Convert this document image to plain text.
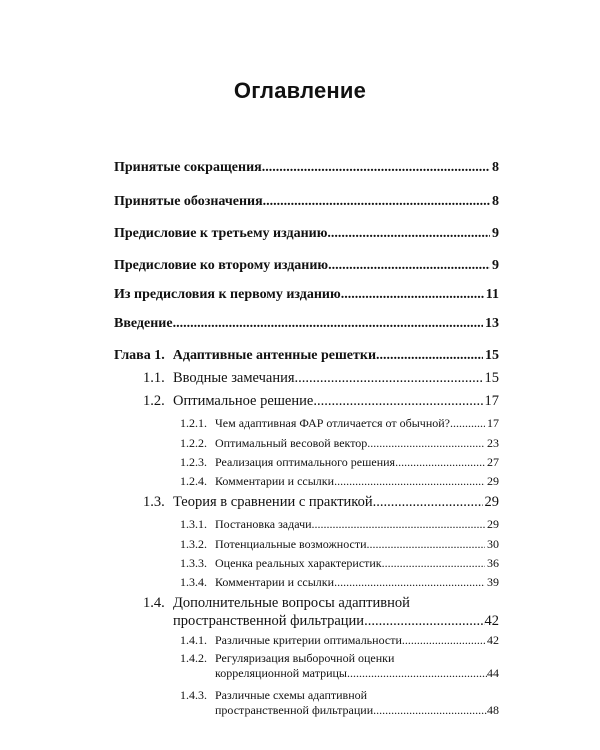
Оглавление
Принятые сокращения .....	8
Принятые обозначения .....	8
Предисловие к третьему изданию .....	9
Предисловие ко второму изданию .....	9
Из предисловия к первому изданию .....	11
Введение .....	13
Глава 1. Адаптивные антенные решетки .....	15
1.1. Вводные замечания .....	15
1.2. Оптимальное решение .....	17
1.2.1. Чем адаптивная ФАР отличается от обычной? .....	17
1.2.2. Оптимальный весовой вектор .....	23
1.2.3. Реализация оптимального решения .....	27
1.2.4. Комментарии и ссылки .....	29
1.3. Теория в сравнении с практикой .....	29
1.3.1. Постановка задачи .....	29
1.3.2. Потенциальные возможности .....	30
1.3.3. Оценка реальных характеристик .....	36
1.3.4. Комментарии и ссылки .....	39
1.4. Дополнительные вопросы адаптивной
пространственной фильтрации .....	42
1.4.1. Различные критерии оптимальности .....	42
1.4.2. Регуляризация выборочной оценки
корреляционной матрицы .....	44
1.4.3. Различные схемы адаптивной
пространственной фильтрации .....	48
